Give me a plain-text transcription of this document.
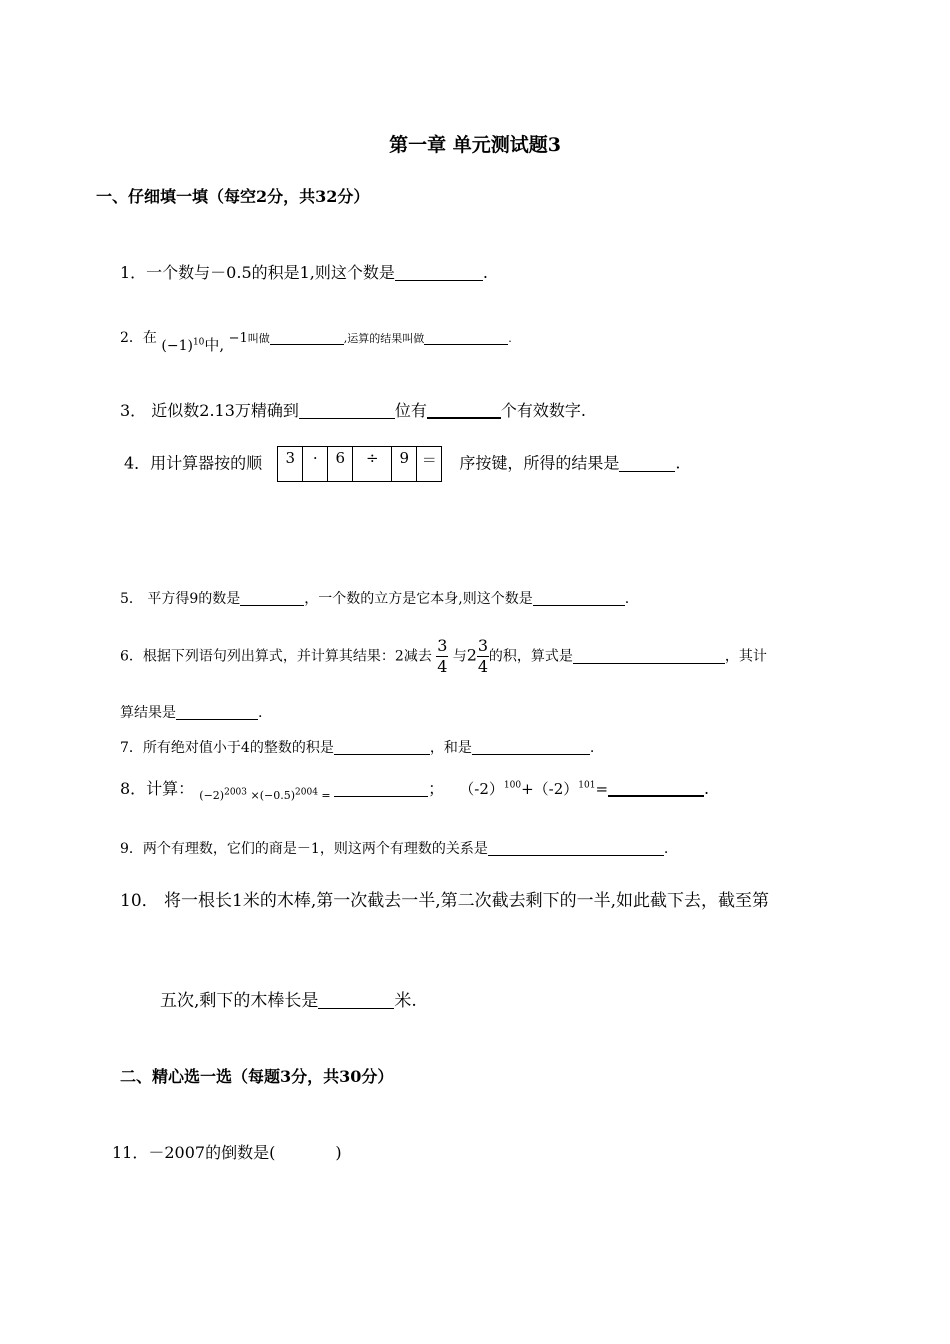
第一章 单元测试题3
一、仔细填一填（每空2分，共32分）
1．一个数与－0.5的积是1,则这个数是	.
2．在 $(-1)^{10}$中, −1叫做	,运算的结果叫做	.
3． 近似数2.13万精确到	位有	个有效数字.
4．用计算器按的顺	3	·	6	÷	9 ＝ 序按键，所得的结果是	.
5． 平方得9的数是	，一个数的立方是它本身,则这个数是	.
6．根据下列语句列出算式，并计算其结果：2减去 $\frac{3}{4}$ 与$2 \frac{3}{4}$ 的积，算式是	，其计
算结果是	.
7．所有绝对值小于4的整数的积是	，和是	.
8．计算： $_{(-2)^{2003} \times(-0.5)^{2004} =}$	； $(-2)^{100}+(-2)^{101}=$	.
9．两个有理数，它们的商是－1，则这两个有理数的关系是	.
10． 将一根长1米的木棒,第一次截去一半,第二次截去剩下的一半,如此截下去，截至第
五次,剩下的木棒长是	米.
二、精心选一选（每题3分，共30分）
11．－2007的倒数是(	)
